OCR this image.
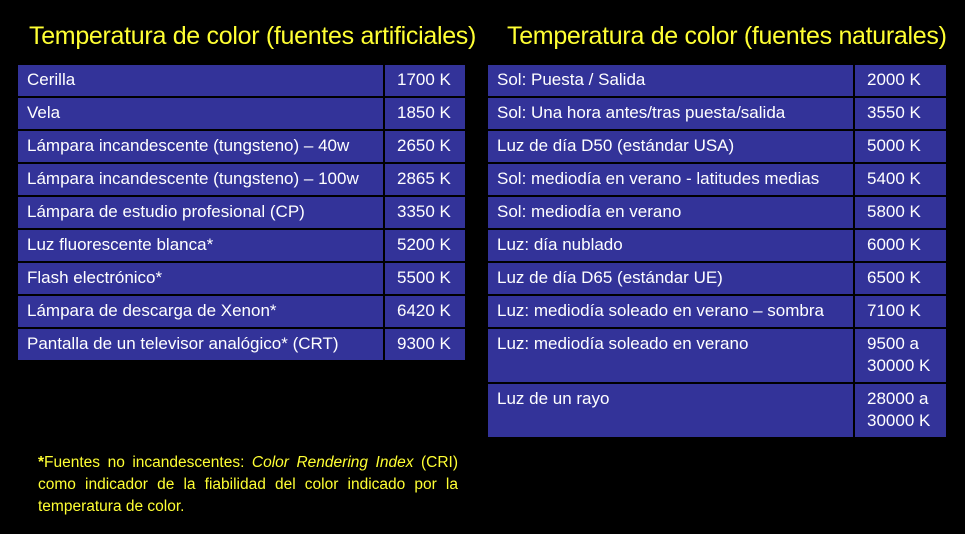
Temperatura de color (fuentes artificiales) Temperatura de color (fuentes naturales)
Cerilla	1700 K
Vela	1850 K
Lámpara incandescente (tungsteno) – 40w	2650 K
Lámpara incandescente (tungsteno) – 100w	2865 K
Lámpara de estudio profesional (CP)	3350 K
Luz fluorescente blanca*	5200 K
Flash electrónico*	5500 K
Lámpara de descarga de Xenon*	6420 K
Pantalla de un televisor analógico* (CRT)	9300 K
Sol: Puesta / Salida	2000 K
Sol: Una hora antes/tras puesta/salida	3550 K
Luz de día D50 (estándar USA)	5000 K
Sol: mediodía en verano - latitudes medias	5400 K
Sol: mediodía en verano	5800 K
Luz: día nublado	6000 K
Luz de día D65 (estándar UE)	6500 K
Luz: mediodía soleado en verano – sombra	7100 K
Luz: mediodía soleado en verano	9500 a 30000 K
Luz de un rayo	28000 a 30000 K
*Fuentes no incandescentes: Color Rendering Index (CRI) como indicador de la fiabilidad del color indicado por la temperatura de color.
